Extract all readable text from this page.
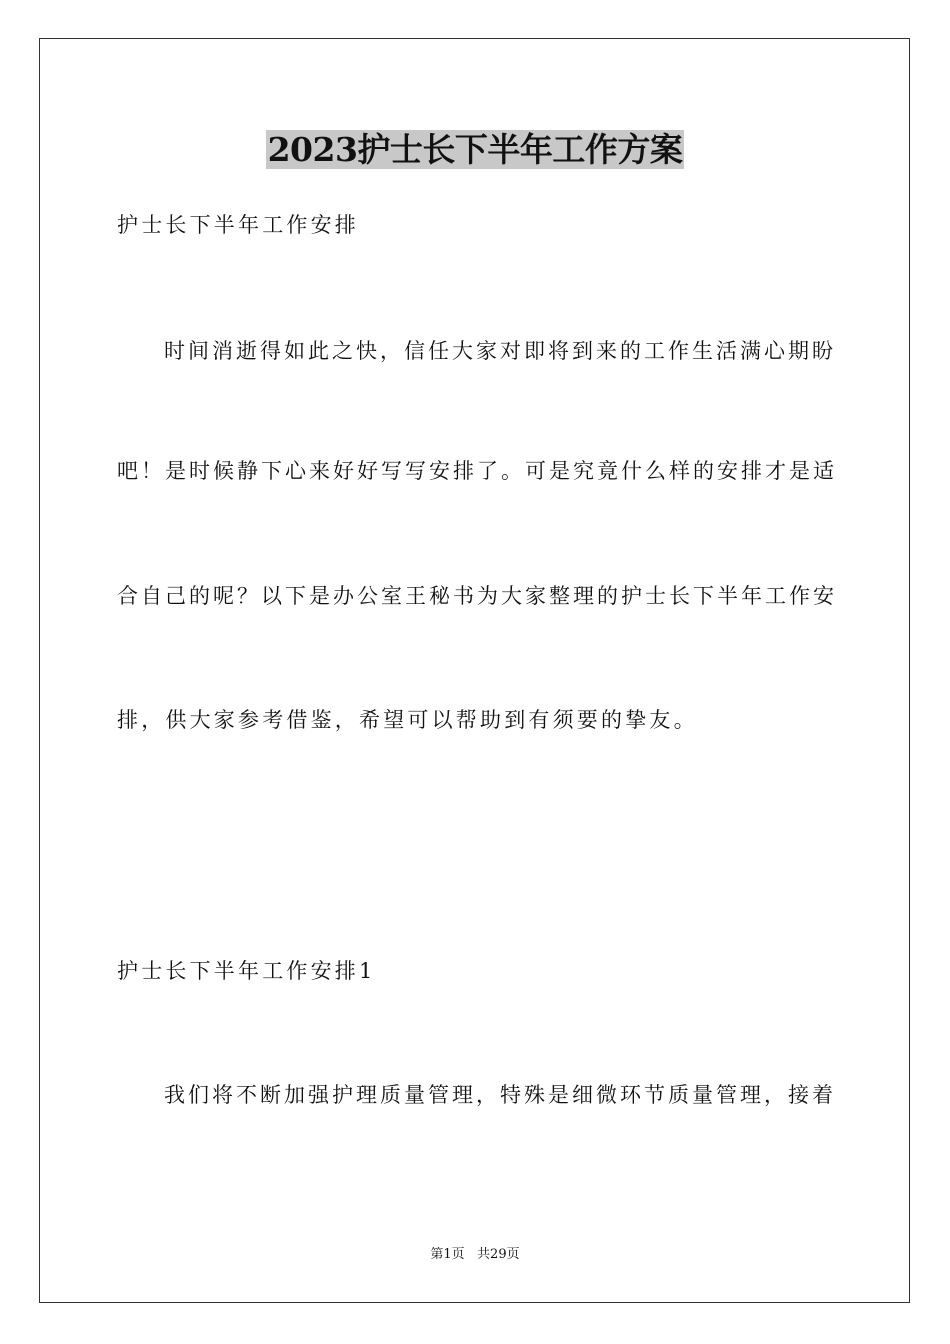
2023护士长下半年工作方案
护士长下半年工作安排
时间消逝得如此之快，信任大家对即将到来的工作生活满心期盼
吧！是时候静下心来好好写写安排了。可是究竟什么样的安排才是适
合自己的呢？以下是办公室王秘书为大家整理的护士长下半年工作安
排，供大家参考借鉴，希望可以帮助到有须要的挚友。
护士长下半年工作安排1
我们将不断加强护理质量管理，特殊是细微环节质量管理，接着
第1页   共29页
